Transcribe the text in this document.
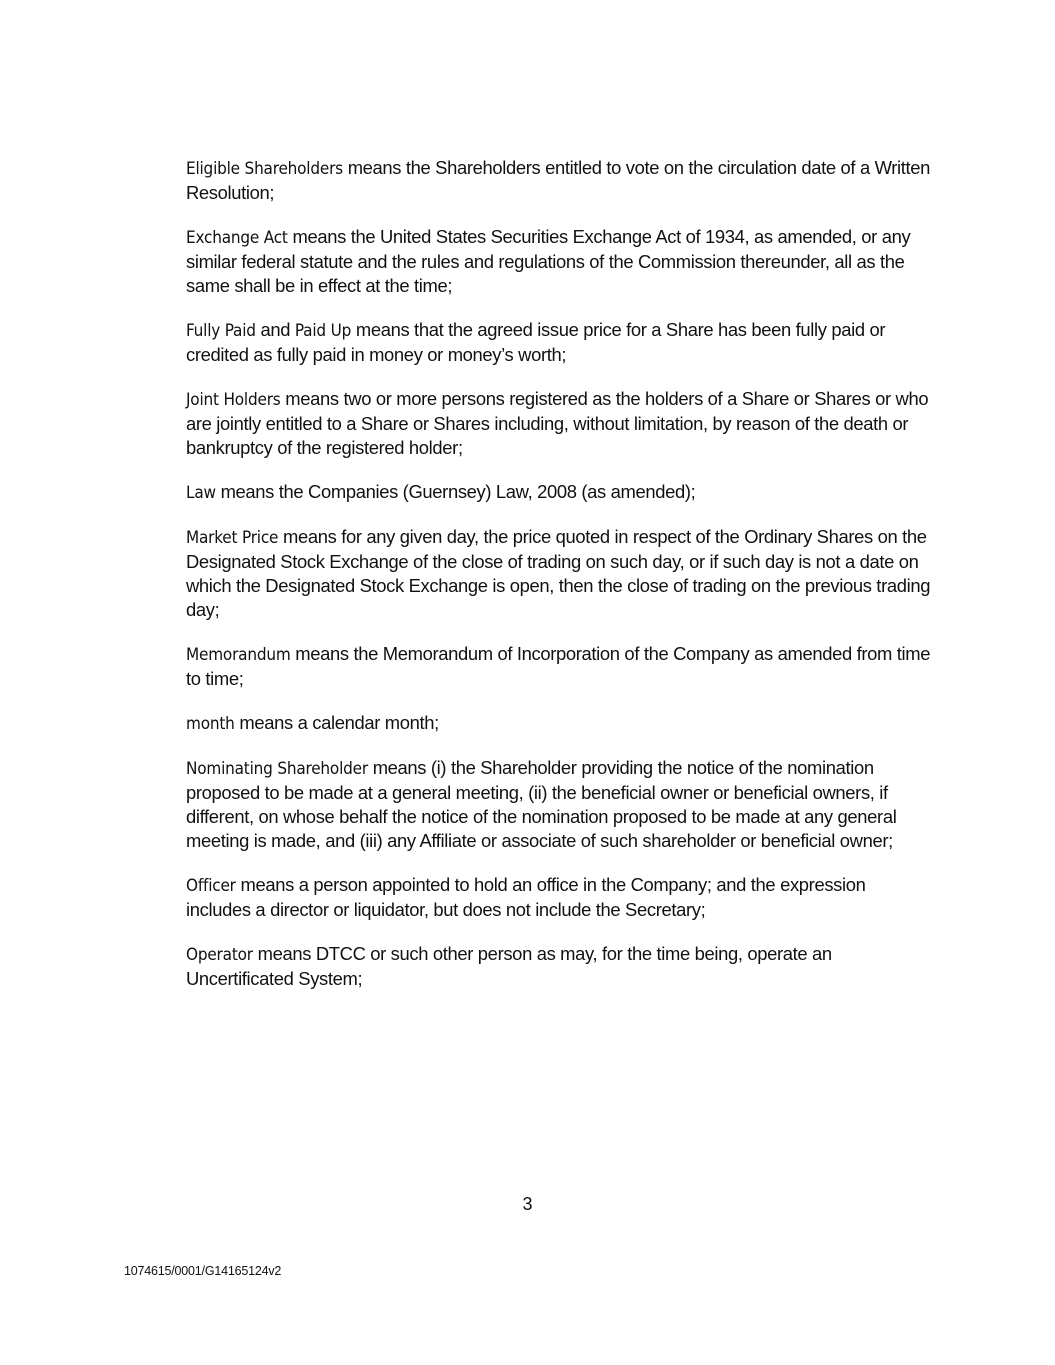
Eligible Shareholders means the Shareholders entitled to vote on the circulation date of a Written Resolution;

Exchange Act means the United States Securities Exchange Act of 1934, as amended, or any similar federal statute and the rules and regulations of the Commission thereunder, all as the same shall be in effect at the time;

Fully Paid and Paid Up means that the agreed issue price for a Share has been fully paid or credited as fully paid in money or money’s worth;

Joint Holders means two or more persons registered as the holders of a Share or Shares or who are jointly entitled to a Share or Shares including, without limitation, by reason of the death or bankruptcy of the registered holder;

Law means the Companies (Guernsey) Law, 2008 (as amended);

Market Price means for any given day, the price quoted in respect of the Ordinary Shares on the Designated Stock Exchange of the close of trading on such day, or if such day is not a date on which the Designated Stock Exchange is open, then the close of trading on the previous trading day;

Memorandum means the Memorandum of Incorporation of the Company as amended from time to time;

month means a calendar month;

Nominating Shareholder means (i) the Shareholder providing the notice of the nomination proposed to be made at a general meeting, (ii) the beneficial owner or beneficial owners, if different, on whose behalf the notice of the nomination proposed to be made at any general meeting is made, and (iii) any Affiliate or associate of such shareholder or beneficial owner;

Officer means a person appointed to hold an office in the Company; and the expression includes a director or liquidator, but does not include the Secretary;

Operator means DTCC or such other person as may, for the time being, operate an Uncertificated System;

3
1074615/0001/G14165124v2
